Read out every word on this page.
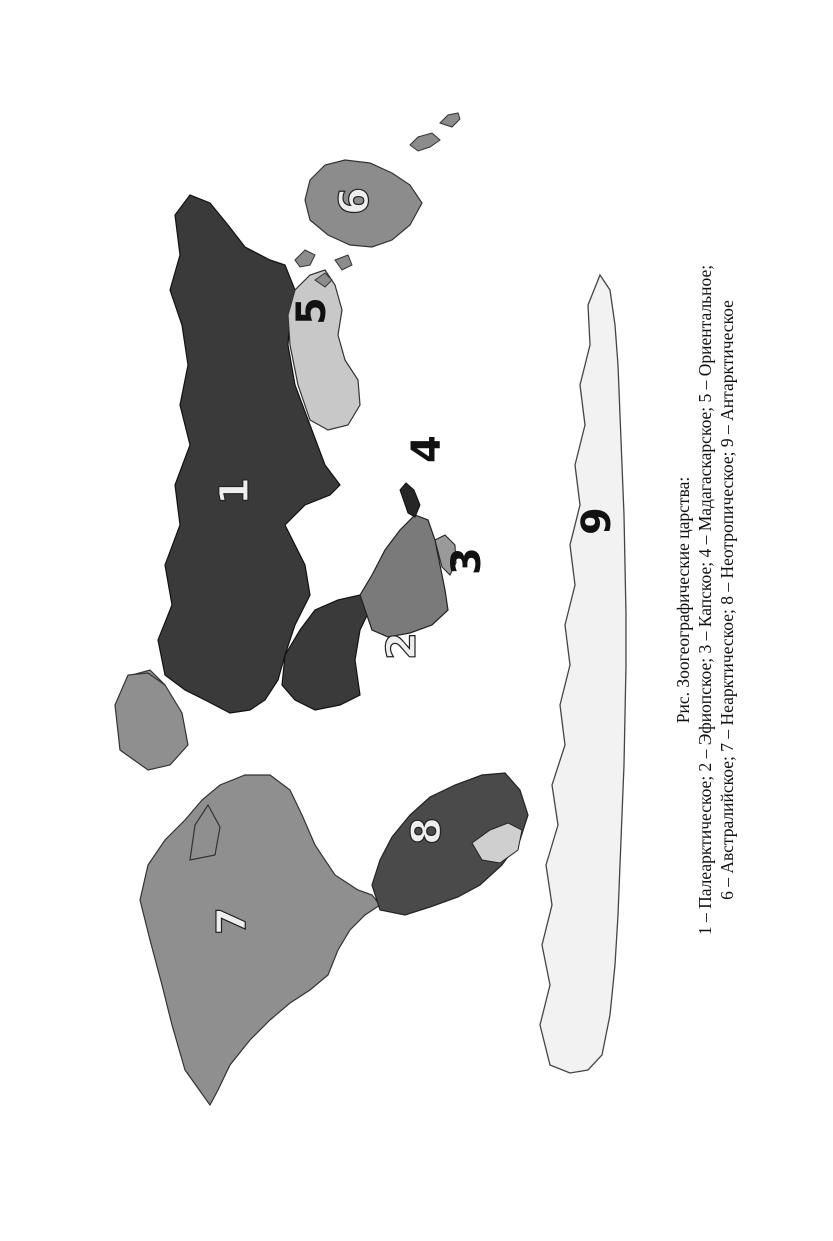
1
2
3
4
5
6
7
8
9	Рис. Зоогеографические царства: 1 – Палеарктическое; 2 – Эфиопское; 3 – Капское; 4 – Мадагаскарское; 5 – Ориентальное; 6 – Австралийское; 7 – Неарктическое; 8 – Неотропическое; 9 – Антарктическое
